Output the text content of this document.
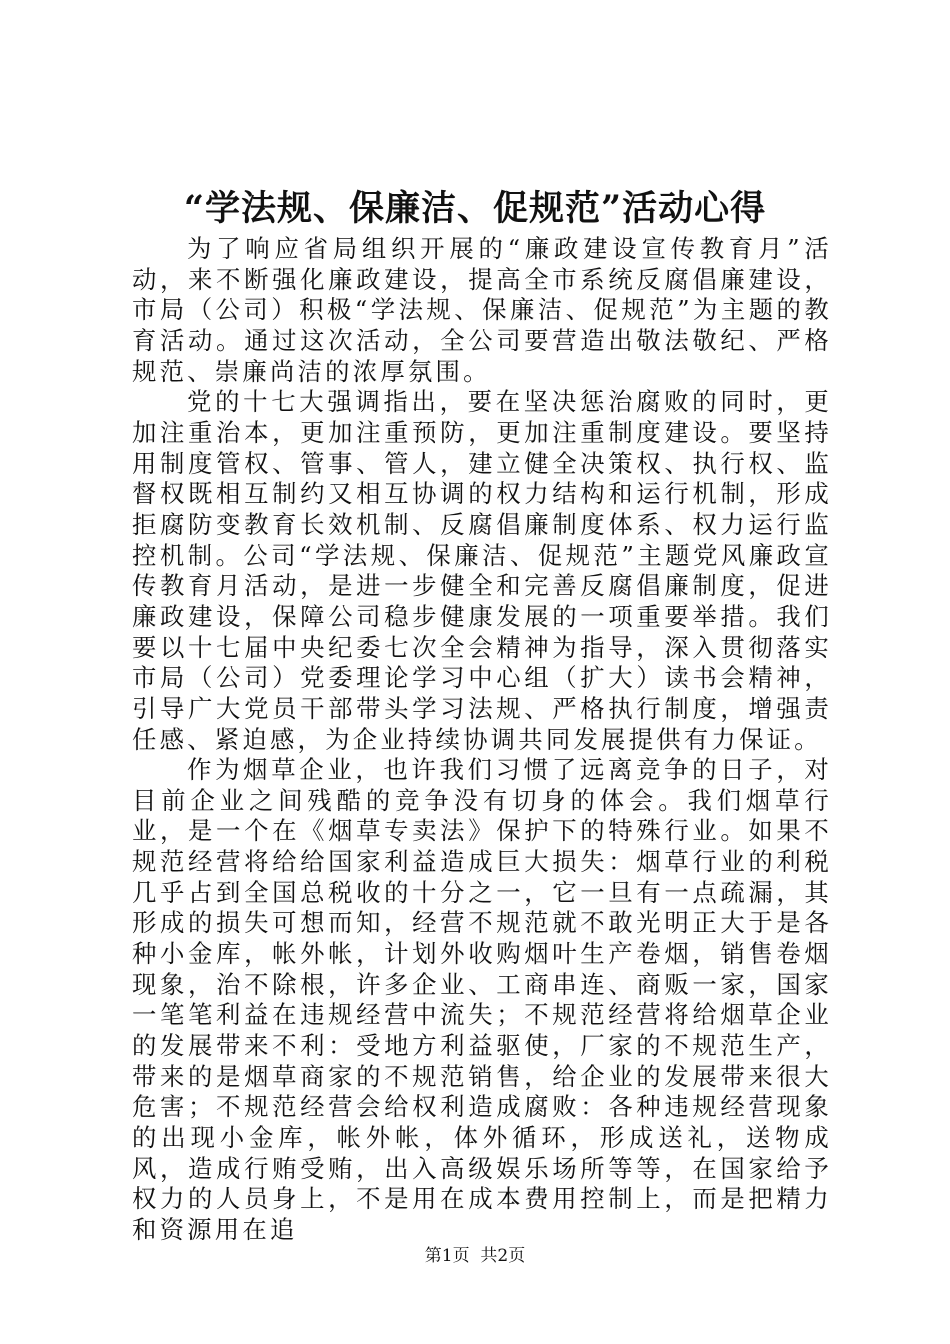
“学法规、保廉洁、促规范”活动心得

为了响应省局组织开展的“廉政建设宣传教育月”活动，来不断强化廉政建设，提高全市系统反腐倡廉建设，市局（公司）积极“学法规、保廉洁、促规范”为主题的教育活动。通过这次活动，全公司要营造出敬法敬纪、严格规范、崇廉尚洁的浓厚氛围。

党的十七大强调指出，要在坚决惩治腐败的同时，更加注重治本，更加注重预防，更加注重制度建设。要坚持用制度管权、管事、管人，建立健全决策权、执行权、监督权既相互制约又相互协调的权力结构和运行机制，形成拒腐防变教育长效机制、反腐倡廉制度体系、权力运行监控机制。公司“学法规、保廉洁、促规范”主题党风廉政宣传教育月活动，是进一步健全和完善反腐倡廉制度，促进廉政建设，保障公司稳步健康发展的一项重要举措。我们要以十七届中央纪委七次全会精神为指导，深入贯彻落实市局（公司）党委理论学习中心组（扩大）读书会精神，引导广大党员干部带头学习法规、严格执行制度，增强责任感、紧迫感，为企业持续协调共同发展提供有力保证。

作为烟草企业，也许我们习惯了远离竞争的日子，对目前企业之间残酷的竞争没有切身的体会。我们烟草行业，是一个在《烟草专卖法》保护下的特殊行业。如果不规范经营将给给国家利益造成巨大损失：烟草行业的利税几乎占到全国总税收的十分之一，它一旦有一点疏漏，其形成的损失可想而知，经营不规范就不敢光明正大于是各种小金库，帐外帐，计划外收购烟叶生产卷烟，销售卷烟现象，治不除根，许多企业、工商串连、商贩一家，国家一笔笔利益在违规经营中流失；不规范经营将给烟草企业的发展带来不利：受地方利益驱使，厂家的不规范生产，带来的是烟草商家的不规范销售，给企业的发展带来很大危害；不规范经营会给权利造成腐败：各种违规经营现象的出现小金库，帐外帐，体外循环，形成送礼，送物成风，造成行贿受贿，出入高级娱乐场所等等，在国家给予权力的人员身上，不是用在成本费用控制上，而是把精力和资源用在追

第1页 共2页
